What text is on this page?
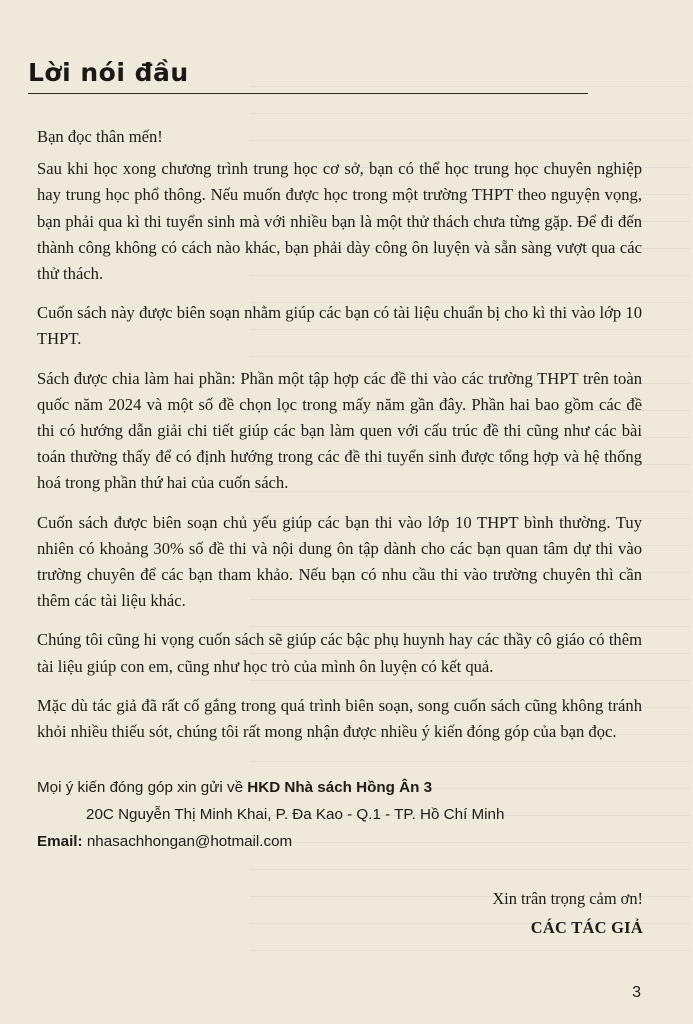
Lời nói đầu

Bạn đọc thân mến!

Sau khi học xong chương trình trung học cơ sở, bạn có thể học trung học chuyên nghiệp hay trung học phổ thông. Nếu muốn được học trong một trường THPT theo nguyện vọng, bạn phải qua kì thi tuyển sinh mà với nhiều bạn là một thử thách chưa từng gặp. Để đi đến thành công không có cách nào khác, bạn phải dày công ôn luyện và sẵn sàng vượt qua các thử thách.

Cuốn sách này được biên soạn nhằm giúp các bạn có tài liệu chuẩn bị cho kì thi vào lớp 10 THPT.

Sách được chia làm hai phần: Phần một tập hợp các đề thi vào các trường THPT trên toàn quốc năm 2024 và một số đề chọn lọc trong mấy năm gần đây. Phần hai bao gồm các đề thi có hướng dẫn giải chi tiết giúp các bạn làm quen với cấu trúc đề thi cũng như các bài toán thường thấy để có định hướng trong các đề thi tuyển sinh được tổng hợp và hệ thống hoá trong phần thứ hai của cuốn sách.

Cuốn sách được biên soạn chủ yếu giúp các bạn thi vào lớp 10 THPT bình thường. Tuy nhiên có khoảng 30% số đề thi và nội dung ôn tập dành cho các bạn quan tâm dự thi vào trường chuyên để các bạn tham khảo. Nếu bạn có nhu cầu thi vào trường chuyên thì cần thêm các tài liệu khác.

Chúng tôi cũng hi vọng cuốn sách sẽ giúp các bậc phụ huynh hay các thầy cô giáo có thêm tài liệu giúp con em, cũng như học trò của mình ôn luyện có kết quả.

Mặc dù tác giả đã rất cố gắng trong quá trình biên soạn, song cuốn sách cũng không tránh khỏi nhiều thiếu sót, chúng tôi rất mong nhận được nhiều ý kiến đóng góp của bạn đọc.

Mọi ý kiến đóng góp xin gửi về HKD Nhà sách Hồng Ân 3
20C Nguyễn Thị Minh Khai, P. Đa Kao - Q.1 - TP. Hồ Chí Minh
Email: nhasachhongan@hotmail.com
Xin trân trọng cảm ơn!
CÁC TÁC GIẢ
3
